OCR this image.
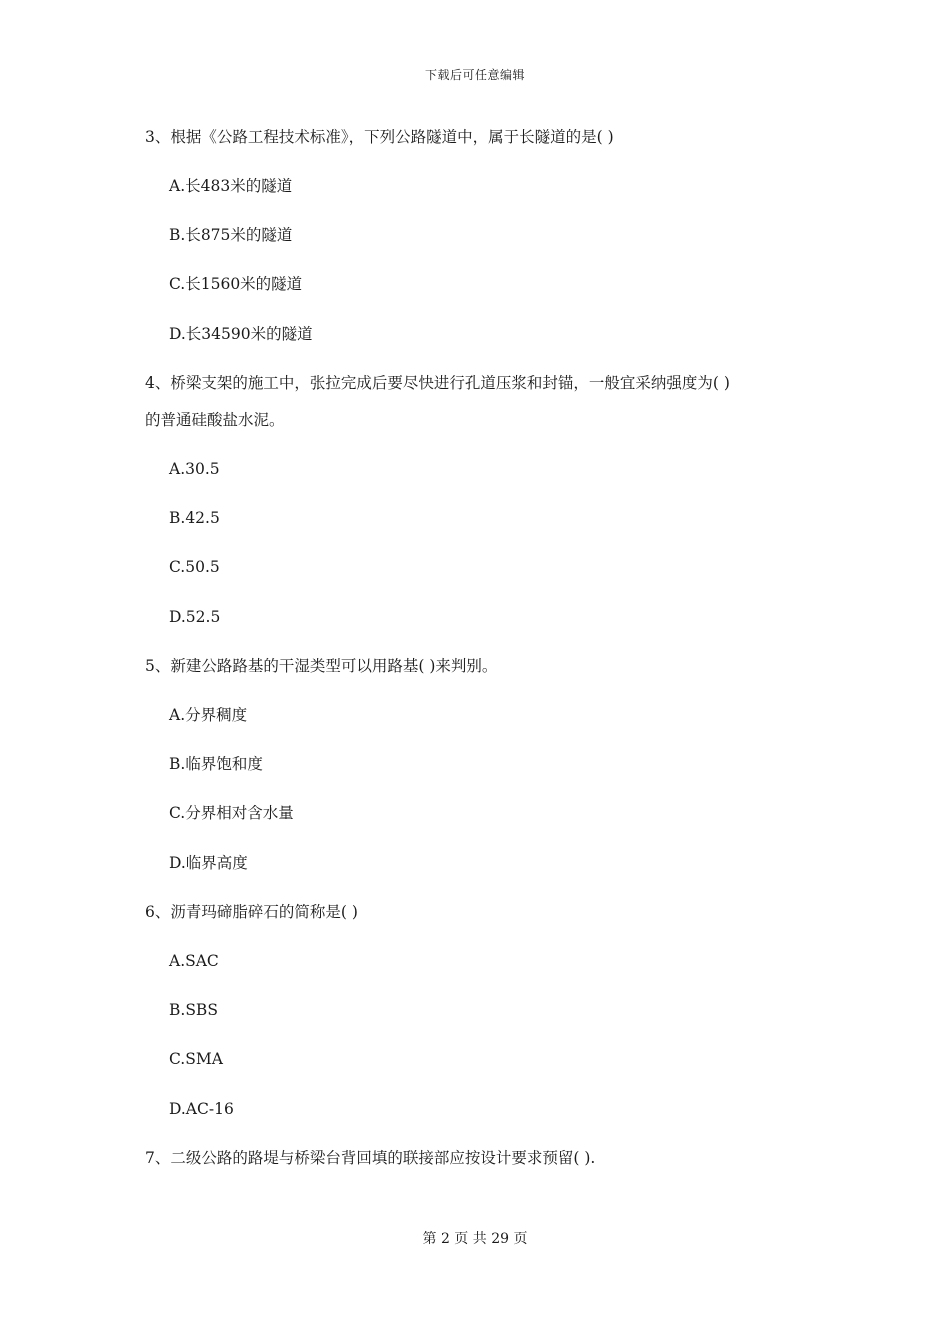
下载后可任意编辑
3、根据《公路工程技术标准》，下列公路隧道中，属于长隧道的是( )
A.长483米的隧道
B.长875米的隧道
C.长1560米的隧道
D.长34590米的隧道
4、桥梁支架的施工中，张拉完成后要尽快进行孔道压浆和封锚，一般宜采纳强度为( )
的普通硅酸盐水泥。
A.30.5
B.42.5
C.50.5
D.52.5
5、新建公路路基的干湿类型可以用路基( )来判别。
A.分界稠度
B.临界饱和度
C.分界相对含水量
D.临界高度
6、沥青玛碲脂碎石的简称是( )
A.SAC
B.SBS
C.SMA
D.AC-16
7、二级公路的路堤与桥梁台背回填的联接部应按设计要求预留( ).
第 2 页 共 29 页
